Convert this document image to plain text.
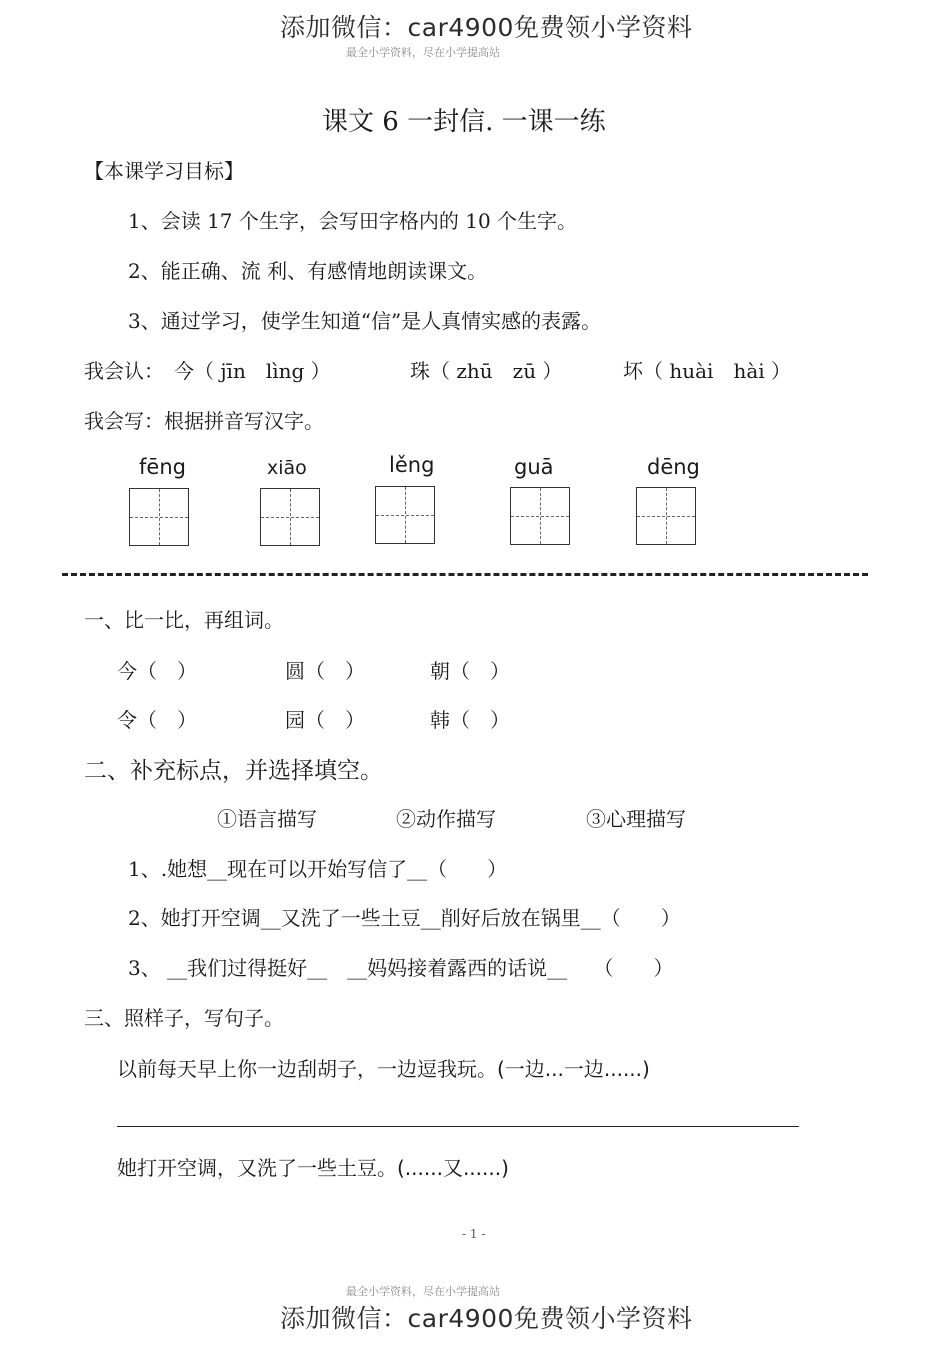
添加微信：car4900免费领小学资料
最全小学资料，尽在小学提高站
课文 6 一封信. 一课一练
【本课学习目标】
1、会读 17 个生字，会写田字格内的 10 个生字。
2、能正确、流 利、有感情地朗读课文。
3、通过学习，使学生知道“信”是人真情实感的表露。
我会认： 今（ jīn　lìng ）	珠（ zhū　zū ）	坏（ huài　hài ）
我会写：根据拼音写汉字。
fēng	xiāo	lěng	guā	dēng
一、比一比，再组词。
今（　）	圆（　）	朝（　）
令（　）	园（　）	韩（　）
二、补充标点，并选择填空。
①语言描写	②动作描写	③心理描写
1、.她想__现在可以开始写信了__（　　）
2、她打开空调__又洗了一些土豆__削好后放在锅里__（　　）
3、 __我们过得挺好__　__妈妈接着露西的话说__　 （　　）
三、照样子，写句子。
以前每天早上你一边刮胡子，一边逗我玩。(一边...一边......)
她打开空调，又洗了一些土豆。(......又......)
- 1 -
最全小学资料，尽在小学提高站
添加微信：car4900免费领小学资料
